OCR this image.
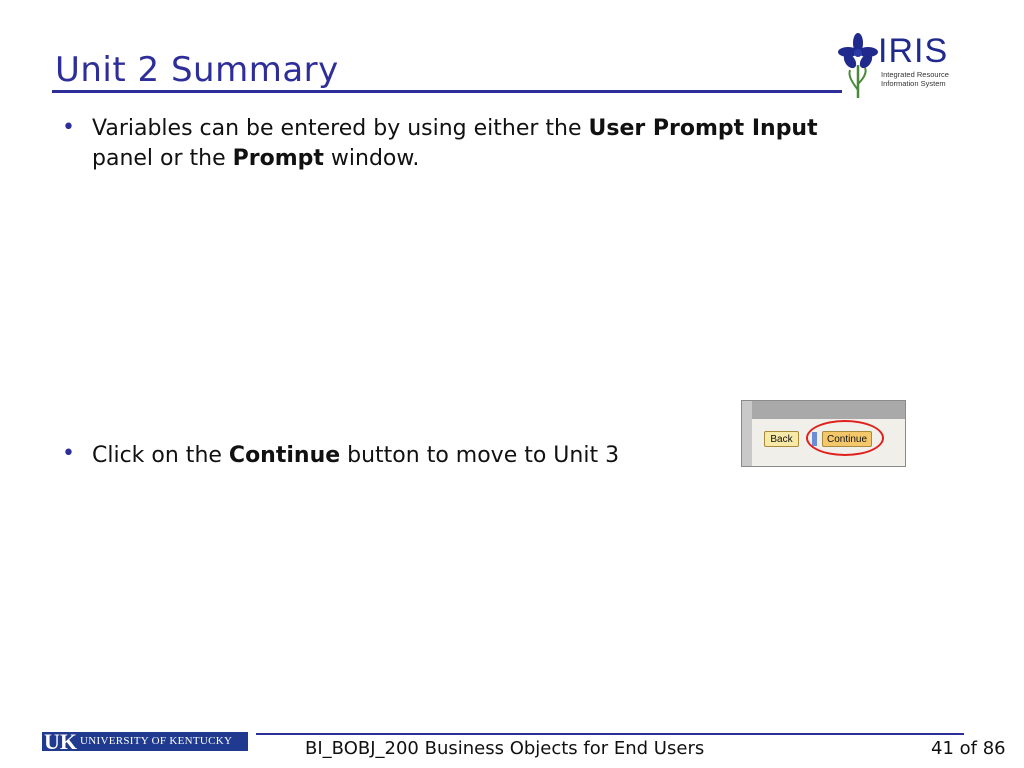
Unit 2 Summary	IRIS
Integrated Resource
Information System
• Variables can be entered by using either the User Prompt Input
panel or the Prompt window.
• Click on the Continue button to move to Unit 3
Back	Continue
UK UNIVERSITY OF KENTUCKY	BI_BOBJ_200 Business Objects for End Users	41 of 86
